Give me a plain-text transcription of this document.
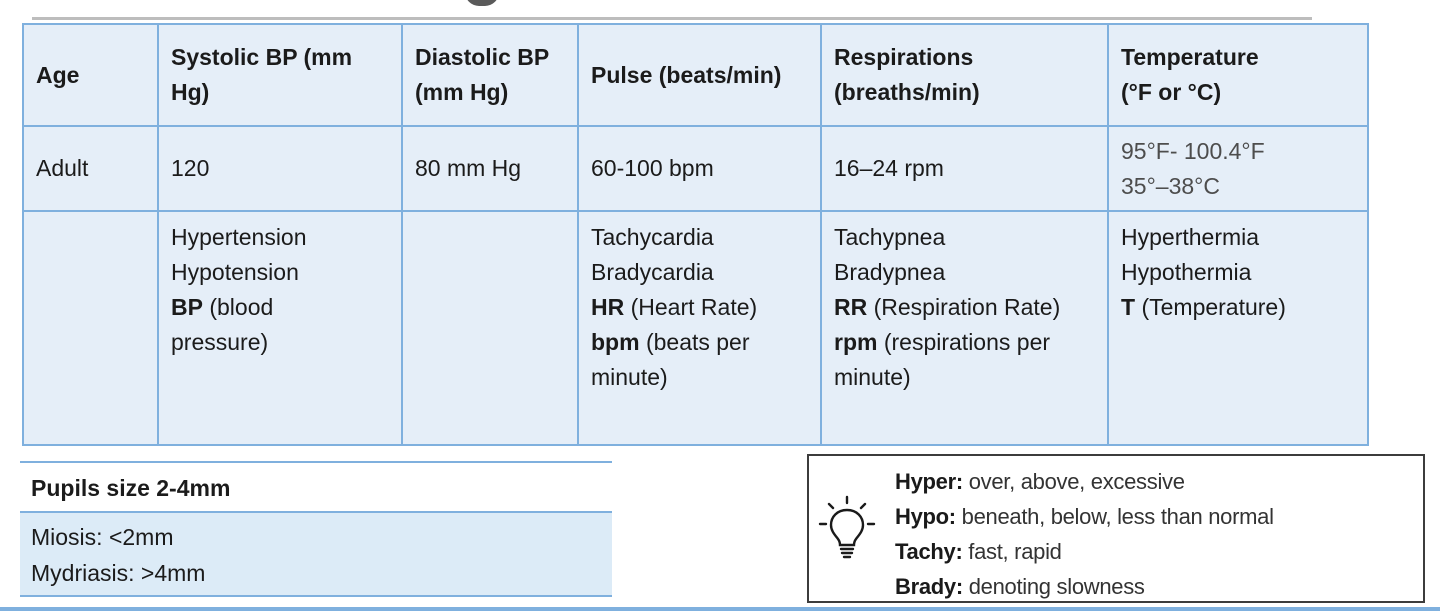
Age	Systolic BP (mm
Hg)	Diastolic BP
(mm Hg)	Pulse (beats/min)	Respirations
(breaths/min)	Temperature
(°F or °C)

Adult	120	80 mm Hg	60-100 bpm	16–24 rpm	95°F- 100.4°F
35°–38°C

	Hypertension
Hypotension
BP (blood
pressure)		Tachycardia
Bradycardia
HR (Heart Rate)
bpm (beats per
minute)	Tachypnea
Bradypnea
RR (Respiration Rate)
rpm (respirations per
minute)	Hyperthermia
Hypothermia
T (Temperature)
Pupils size 2-4mm
Miosis: <2mm
Mydriasis: >4mm
Hyper: over, above, excessive
Hypo: beneath, below, less than normal
Tachy: fast, rapid
Brady: denoting slowness
